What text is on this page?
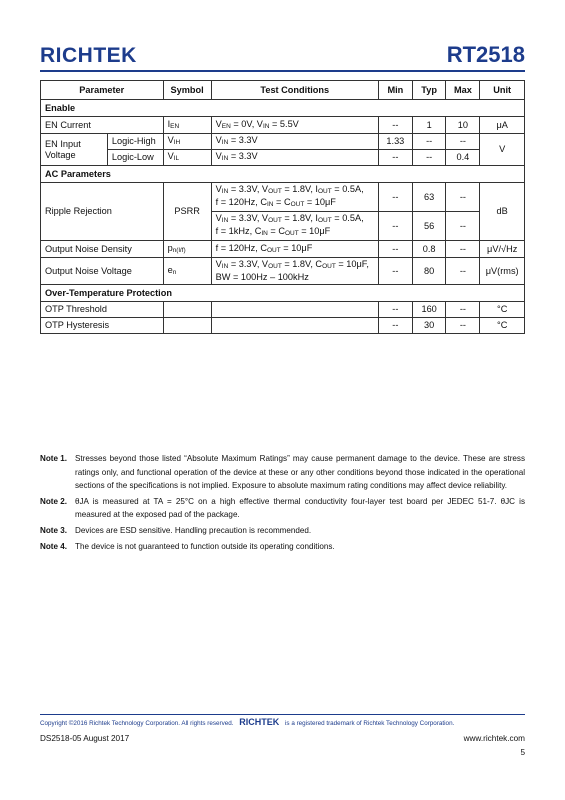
RICHTEK	RT2518
Parameter		Symbol	Test Conditions	Min	Typ	Max	Unit
Enable							
EN Current		$I_{EN}$	$V_{EN} = 0V$, $V_{IN} = 5.5V$	--	1	10	μA
EN Input Voltage	Logic-High	$V_{IH}$	$V_{IN} = 3.3V$	1.33	--	--	V
	Logic-Low	$V_{IL}$	$V_{IN} = 3.3V$	--	--	0.4	
AC Parameters							
Ripple Rejection		PSRR	$V_{IN} = 3.3V$, $V_{OUT} = 1.8V$, $I_{OUT} = 0.5A$,
f = 120Hz, $C_{IN} = C_{OUT} = 10\mu F$	--	63	--	dB
			$V_{IN} = 3.3V$, $V_{OUT} = 1.8V$, $I_{OUT} = 0.5A$,
f = 1kHz, $C_{IN} = C_{OUT} = 10\mu F$	--	56	--	
Output Noise Density		$p_{n(l/f)}$	f = 120Hz, $C_{OUT} = 10\mu F$	--	0.8	--	μV/√Hz
Output Noise Voltage		$e_n$	$V_{IN} = 3.3V$, $V_{OUT} = 1.8V$, $C_{OUT} = 10\mu F$,
BW = 100Hz – 100kHz	--	80	--	μV(rms)
Over-Temperature Protection							
OTP Threshold				--	160	--	°C
OTP Hysteresis				--	30	--	°C
Note 1. Stresses beyond those listed “Absolute Maximum Ratings” may cause permanent damage to the device. These are stress ratings only, and functional operation of the device at these or any other conditions beyond those indicated in the operational sections of the specifications is not implied. Exposure to absolute maximum rating conditions may affect device reliability.
Note 2. θJA is measured at TA = 25°C on a high effective thermal conductivity four-layer test board per JEDEC 51-7. θJC is measured at the exposed pad of the package.
Note 3. Devices are ESD sensitive. Handling precaution is recommended.
Note 4. The device is not guaranteed to function outside its operating conditions.
Copyright ©2016 Richtek Technology Corporation. All rights reserved. RICHTEK is a registered trademark of Richtek Technology Corporation.
DS2518-05 August 2017	www.richtek.com
5
